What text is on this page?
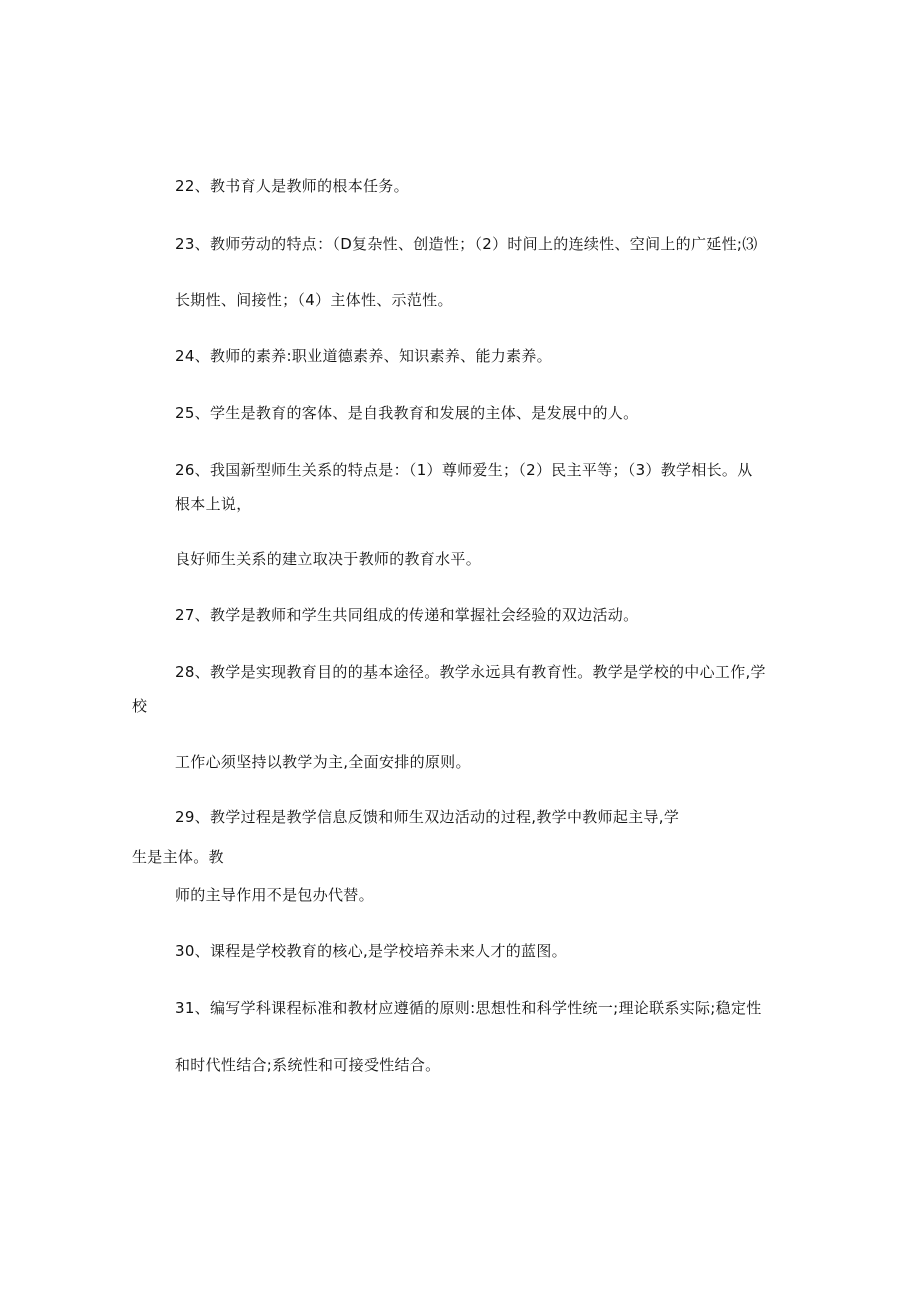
22、教书育人是教师的根本任务。
23、教师劳动的特点：（D复杂性、创造性；（2）时间上的连续性、空间上的广延性;⑶
长期性、间接性；（4）主体性、示范性。
24、教师的素养:职业道德素养、知识素养、能力素养。
25、学生是教育的客体、是自我教育和发展的主体、是发展中的人。
26、我国新型师生关系的特点是：（1）尊师爱生；（2）民主平等；（3）教学相长。从
根本上说，
良好师生关系的建立取决于教师的教育水平。
27、教学是教师和学生共同组成的传递和掌握社会经验的双边活动。
28、教学是实现教育目的的基本途径。教学永远具有教育性。教学是学校的中心工作,学
校
工作心须坚持以教学为主,全面安排的原则。
29、教学过程是教学信息反馈和师生双边活动的过程,教学中教师起主导,学
生是主体。教
师的主导作用不是包办代替。
30、课程是学校教育的核心,是学校培养未来人才的蓝图。
31、编写学科课程标准和教材应遵循的原则:思想性和科学性统一;理论联系实际;稳定性
和时代性结合;系统性和可接受性结合。
